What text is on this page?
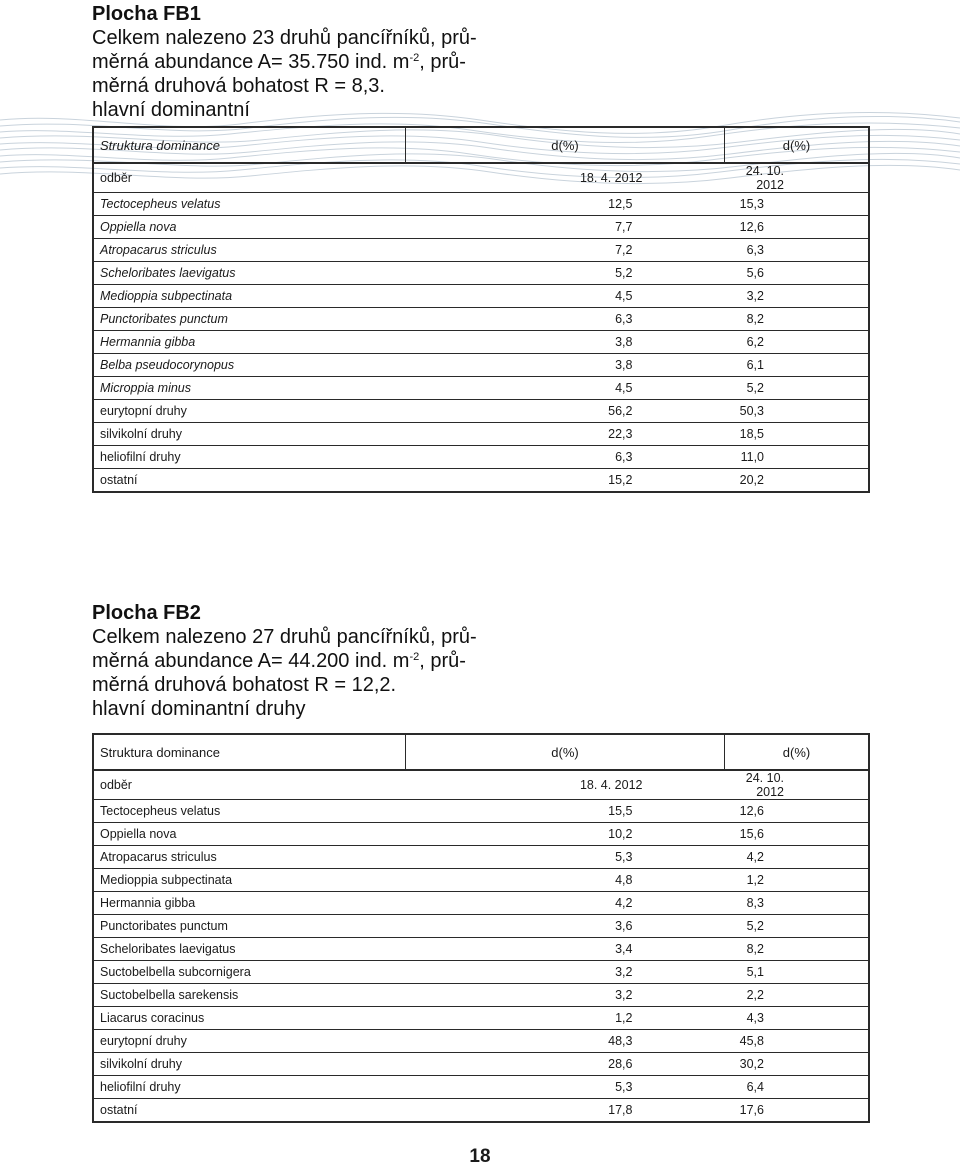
Plocha FB1
Celkem nalezeno 23 druhů pancířníků, prů-
měrná abundance A= 35.750 ind. $m^{-2}$, prů-
měrná druhová bohatost R = 8,3.
hlavní dominantní
Struktura dominance	d(%)	d(%)
odběr	18. 4. 2012	24. 10. 2012
Tectocepheus velatus	12,5	15,3
Oppiella nova	7,7	12,6
Atropacarus striculus	7,2	6,3
Scheloribates laevigatus	5,2	5,6
Medioppia subpectinata	4,5	3,2
Punctoribates punctum	6,3	8,2
Hermannia gibba	3,8	6,2
Belba pseudocorynopus	3,8	6,1
Microppia minus	4,5	5,2
eurytopní druhy	56,2	50,3
silvikolní druhy	22,3	18,5
heliofilní druhy	6,3	11,0
ostatní	15,2	20,2
Plocha FB2
Celkem nalezeno 27 druhů pancířníků, prů-
měrná abundance A= 44.200 ind. $m^{-2}$, prů-
měrná druhová bohatost R = 12,2.
hlavní dominantní druhy
Struktura dominance	d(%)	d(%)
odběr	18. 4. 2012	24. 10. 2012
Tectocepheus velatus	15,5	12,6
Oppiella nova	10,2	15,6
Atropacarus striculus	5,3	4,2
Medioppia subpectinata	4,8	1,2
Hermannia gibba	4,2	8,3
Punctoribates punctum	3,6	5,2
Scheloribates laevigatus	3,4	8,2
Suctobelbella subcornigera	3,2	5,1
Suctobelbella sarekensis	3,2	2,2
Liacarus coracinus	1,2	4,3
eurytopní druhy	48,3	45,8
silvikolní druhy	28,6	30,2
heliofilní druhy	5,3	6,4
ostatní	17,8	17,6
18
